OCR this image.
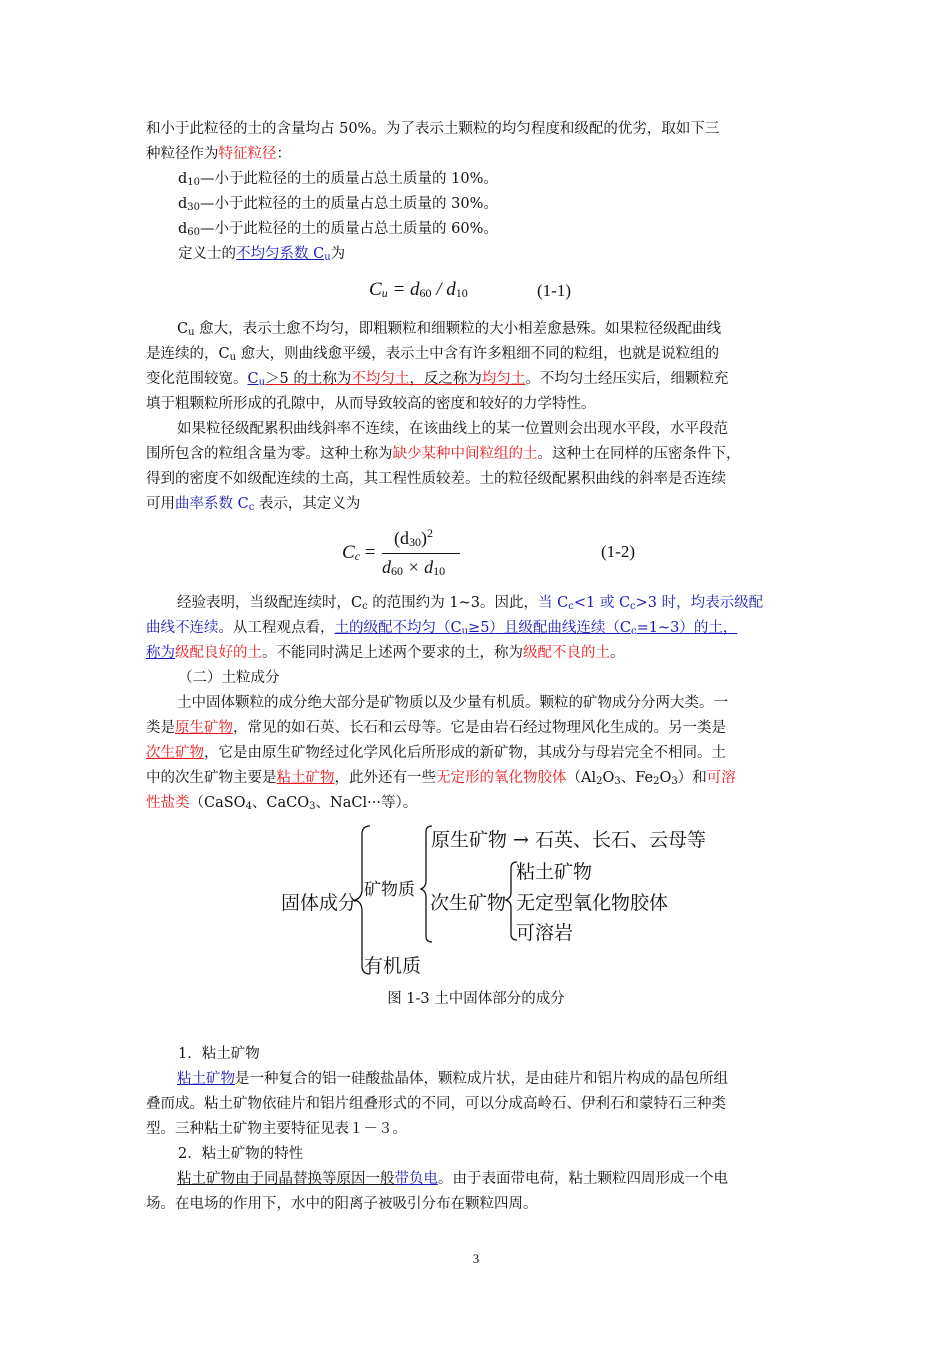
和小于此粒径的土的含量均占 50%。为了表示土颗粒的均匀程度和级配的优劣，取如下三
种粒径作为特征粒径：

$d_{10}—$小于此粒径的土的质量占总土质量的 10%。

$d_{30}—$小于此粒径的土的质量占总土质量的 30%。

$d_{60}—$小于此粒径的土的质量占总土质量的 60%。

定义士的不均匀系数 $C_u$为

$C_u = d_{60} / d_{10}$	(1-1)

$C_u$ 愈大，表示土愈不均匀，即粗颗粒和细颗粒的大小相差愈悬殊。如果粒径级配曲线
是连续的，$C_u$ 愈大，则曲线愈平缓，表示土中含有许多粗细不同的粒组，也就是说粒组的
变化范围较宽。$C_u>5$ 的土称为不均匀土，反之称为均匀土。不均匀土经压实后，细颗粒充
填于粗颗粒所形成的孔隙中，从而导致较高的密度和较好的力学特性。

如果粒径级配累积曲线斜率不连续，在该曲线上的某一位置则会出现水平段，水平段范
围所包含的粒组含量为零。这种土称为缺少某种中间粒组的土。这种土在同样的压密条件下，
得到的密度不如级配连续的土高，其工程性质较差。土的粒径级配累积曲线的斜率是否连续
可用曲率系数 $C_c$ 表示，其定义为

$C_c$ =
$(d_{30})^2$
$d_{60} \times d_{10}$
(1-2)

经验表明，当级配连续时，$C_c$ 的范围约为 1~3。因此，当 $C_c<1$ 或 $C_c>3$ 时，均表示级配
曲线不连续。从工程观点看，土的级配不均匀$(C_u\ge 5)$且级配曲线连续$(C_c=1\sim 3)$的土，
称为级配良好的土。不能同时满足上述两个要求的土，称为级配不良的土。

（二）土粒成分

土中固体颗粒的成分绝大部分是矿物质以及少量有机质。颗粒的矿物成分分两大类。一
类是原生矿物，常见的如石英、长石和云母等。它是由岩石经过物理风化生成的。另一类是
次生矿物，它是由原生矿物经过化学风化后所形成的新矿物，其成分与母岩完全不相同。土
中的次生矿物主要是粘土矿物，此外还有一些无定形的氧化物胶体（$Al_2O_3$、$Fe_2O_3$）和可溶
性盐类（CaSO$_4$、CaCO$_3$、NaCl···等）。

固体成分
矿物质
原生矿物 → 石英、长石、云母等
次生矿物
粘土矿物
无定型氧化物胶体
可溶岩
有机质
图 1-3 土中固体部分的成分

1．粘土矿物

粘土矿物是一种复合的铝一硅酸盐晶体，颗粒成片状，是由硅片和铝片构成的晶包所组
叠而成。粘土矿物依硅片和铝片组叠形式的不同，可以分成高岭石、伊利石和蒙特石三种类
型。三种粘土矿物主要特征见表１－３。

2．粘土矿物的特性

粘土矿物由于同晶替换等原因一般带负电。由于表面带电荷，粘土颗粒四周形成一个电
场。在电场的作用下，水中的阳离子被吸引分布在颗粒四周。

3
